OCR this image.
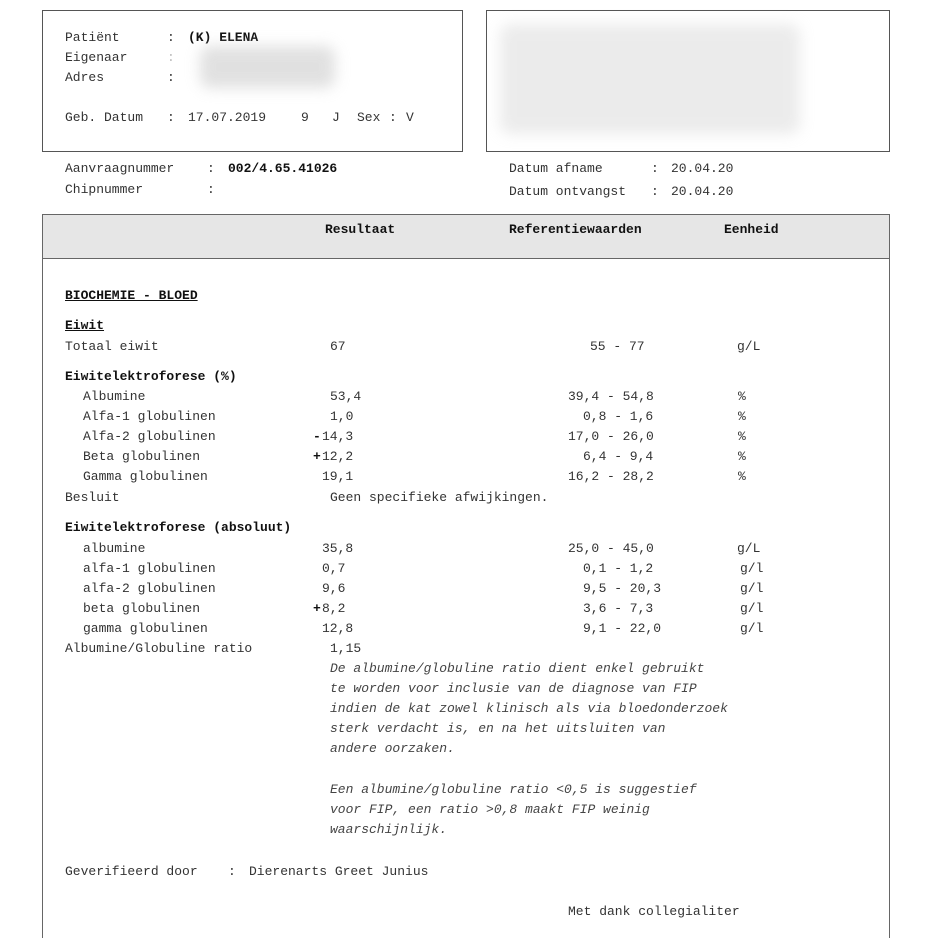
Patiënt	: (K) ELENA
Eigenaar	:
Adres	:
Geb. Datum : 17.07.2019	9 J Sex : V
Aanvraagnummer	: 002/4.65.41026
Chipnummer	:
Datum afname	: 20.04.20
Datum ontvangst : 20.04.20
Resultaat	Referentiewaarden	Eenheid
BIOCHEMIE - BLOED
Eiwit
Totaal eiwit	67	55 - 77	g/L
Eiwitelektroforese (%)
Albumine	53,4	39,4 - 54,8	%
Alfa-1 globulinen	1,0	0,8 - 1,6	%
Alfa-2 globulinen	- 14,3	17,0 - 26,0	%
Beta globulinen	+ 12,2	6,4 - 9,4	%
Gamma globulinen	19,1	16,2 - 28,2	%
Besluit	Geen specifieke afwijkingen.
Eiwitelektroforese (absoluut)
albumine	35,8	25,0 - 45,0	g/L
alfa-1 globulinen	0,7	0,1 - 1,2	g/l
alfa-2 globulinen	9,6	9,5 - 20,3	g/l
beta globulinen	+ 8,2	3,6 - 7,3	g/l
gamma globulinen	12,8	9,1 - 22,0	g/l
Albumine/Globuline ratio	1,15
De albumine/globuline ratio dient enkel gebruikt
te worden voor inclusie van de diagnose van FIP
indien de kat zowel klinisch als via bloedonderzoek
sterk verdacht is, en na het uitsluiten van
andere oorzaken.
Een albumine/globuline ratio <0,5 is suggestief
voor FIP, een ratio >0,8 maakt FIP weinig
waarschijnlijk.
Geverifieerd door : Dierenarts Greet Junius
Met dank collegialiter
